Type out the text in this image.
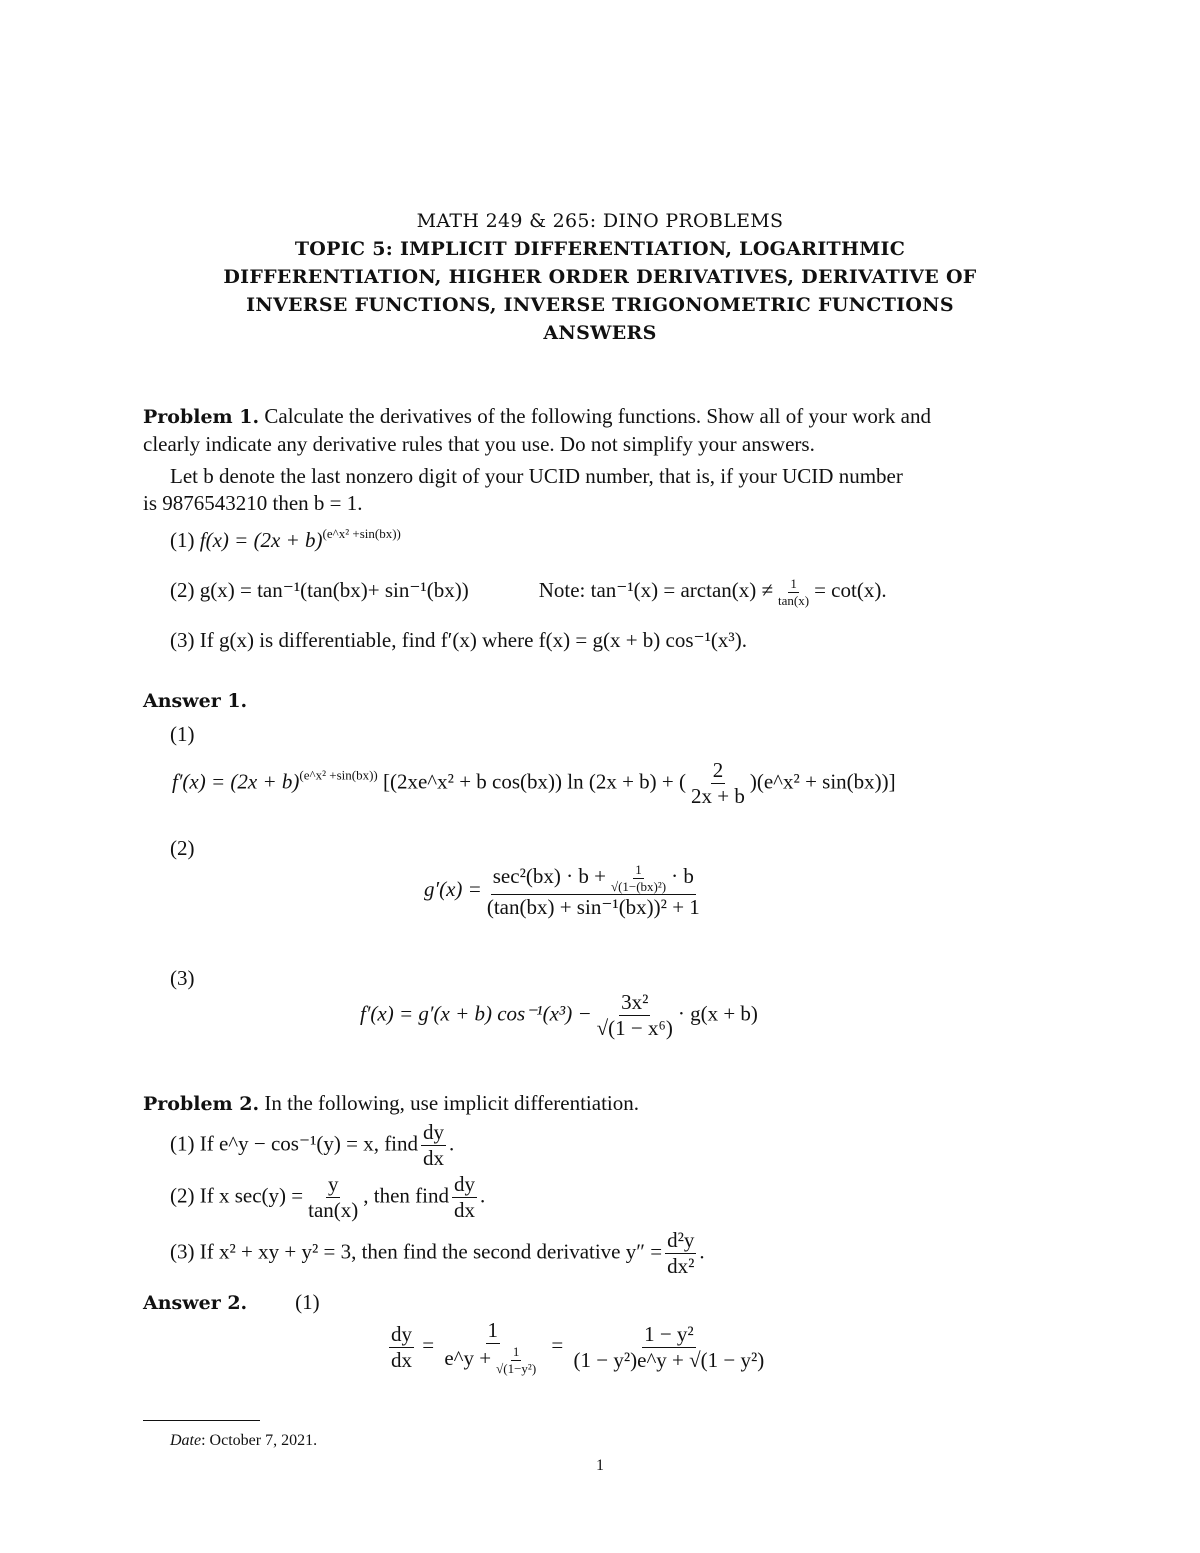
MATH 249 & 265: DINO PROBLEMS
TOPIC 5: IMPLICIT DIFFERENTIATION, LOGARITHMIC
DIFFERENTIATION, HIGHER ORDER DERIVATIVES, DERIVATIVE OF
INVERSE FUNCTIONS, INVERSE TRIGONOMETRIC FUNCTIONS
ANSWERS
Problem 1. Calculate the derivatives of the following functions. Show all of your work and
clearly indicate any derivative rules that you use. Do not simplify your answers.
Let b denote the last nonzero digit of your UCID number, that is, if your UCID number
is 9876543210 then b = 1.
(1) $f(x) = (2x + b)^{(e\^{}x^2 +sin(bx))}$
(2) g(x) = tan⁻¹(tan(bx)+ sin⁻¹(bx))	Note: $\tan^{-1}(x) = \arctan(x) \ne \frac{1}{\tan(x)} = \cot(x)$.
(3) If g(x) is differentiable, find f′(x) where f(x) = g(x + b) cos⁻¹(x³).
Answer 1.
(1)
$f'(x) = (2x + b)^{(e\^{}x^2 +sin(bx))}$ [(2xe^x² + b cos(bx)) ln (2x + b) + ( $\frac{2}{2x + b}$ )(e^x² + sin(bx))]
(2)
$g'(x) = \frac{\sec^2(bx) \cdot b + \frac{1}{\text{√(1−(bx)²)}} \cdot b}{\text{(tan(bx) + sin⁻¹(bx))² + 1}}$
(3)
f′(x) = g′(x + b) $\cos^{-1}(x^3) - \frac{\text{3x²}}{\text{√(1 − x⁶)}} \cdot g(x + b)$
Problem 2. In the following, use implicit differentiation.
(1) If e^y − cos⁻¹(y) = x, find $\frac{dy}{dx}$ .
(2) If x $\sec(y) = \frac{y}{\tan(x)}$ , then find $\frac{dy}{dx}$ .
(3) If x² + xy + y² = 3, then find the second derivative $y'' = \frac{\text{d²y}}{\text{dx²}}$ .
Answer 2. (1)
$\frac{dy}{dx} = \frac{1}{e\^{}y + \frac{1}{\text{√(1−y²)}}} = \frac{\text{1 − y²}}{\text{(1 − y²)e\textasciicircum{}y + √(1 − y²)}}$
Date: October 7, 2021.
1
